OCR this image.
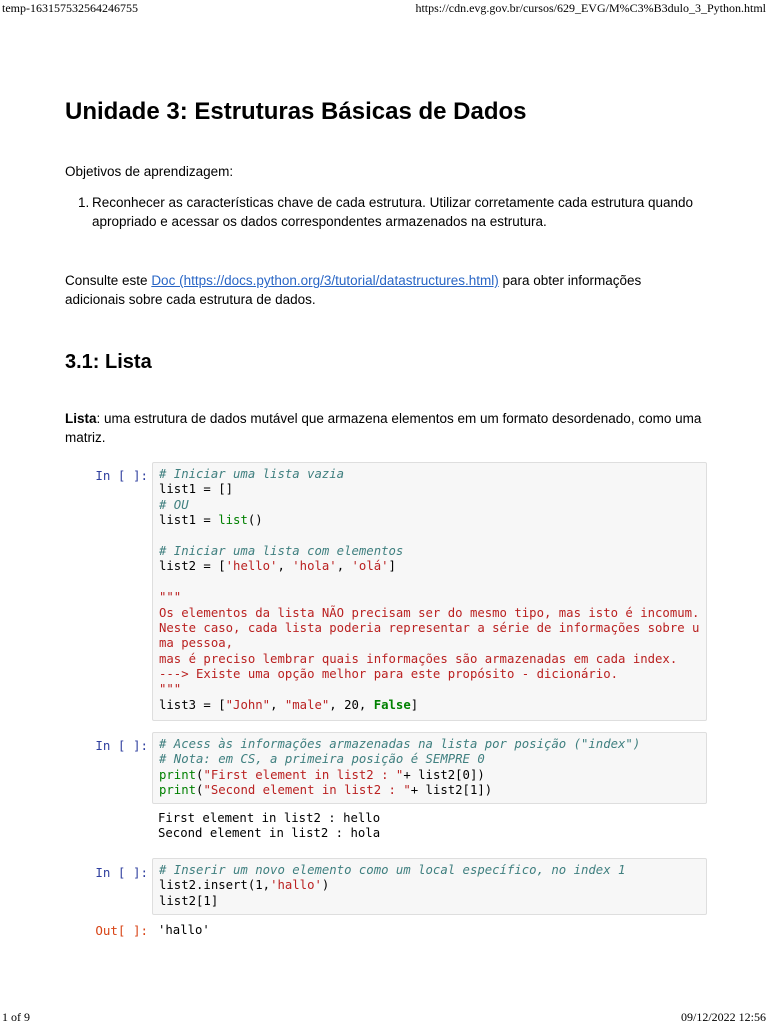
temp-163157532564246755	https://cdn.evg.gov.br/cursos/629_EVG/M%C3%B3dulo_3_Python.html
Unidade 3: Estruturas Básicas de Dados
Objetivos de aprendizagem:
1. Reconhecer as características chave de cada estrutura. Utilizar corretamente cada estrutura quando apropriado e acessar os dados correspondentes armazenados na estrutura.
Consulte este Doc (https://docs.python.org/3/tutorial/datastructures.html) para obter informações adicionais sobre cada estrutura de dados.
3.1: Lista
Lista: uma estrutura de dados mutável que armazena elementos em um formato desordenado, como uma matriz.
In [ ]: # Iniciar uma lista vazia
list1 = []
# OU
list1 = list()
# Iniciar uma lista com elementos
list2 = ['hello', 'hola', 'olá']
"""
Os elementos da lista NÃO precisam ser do mesmo tipo, mas isto é incomum.
Neste caso, cada lista poderia representar a série de informações sobre u
ma pessoa,
mas é preciso lembrar quais informações são armazenadas em cada index.
---> Existe uma opção melhor para este propósito - dicionário.
"""
list3 = ["John", "male", 20, False]
In [ ]: # Acess às informações armazenadas na lista por posição ("index")
# Nota: em CS, a primeira posição é SEMPRE 0
print("First element in list2 : "+ list2[0])
print("Second element in list2 : "+ list2[1])
First element in list2 : hello
Second element in list2 : hola
In [ ]: # Inserir um novo elemento como um local específico, no index 1
list2.insert(1,'hallo')
list2[1]
Out[ ]: 'hallo'
1 of 9	09/12/2022 12:56
